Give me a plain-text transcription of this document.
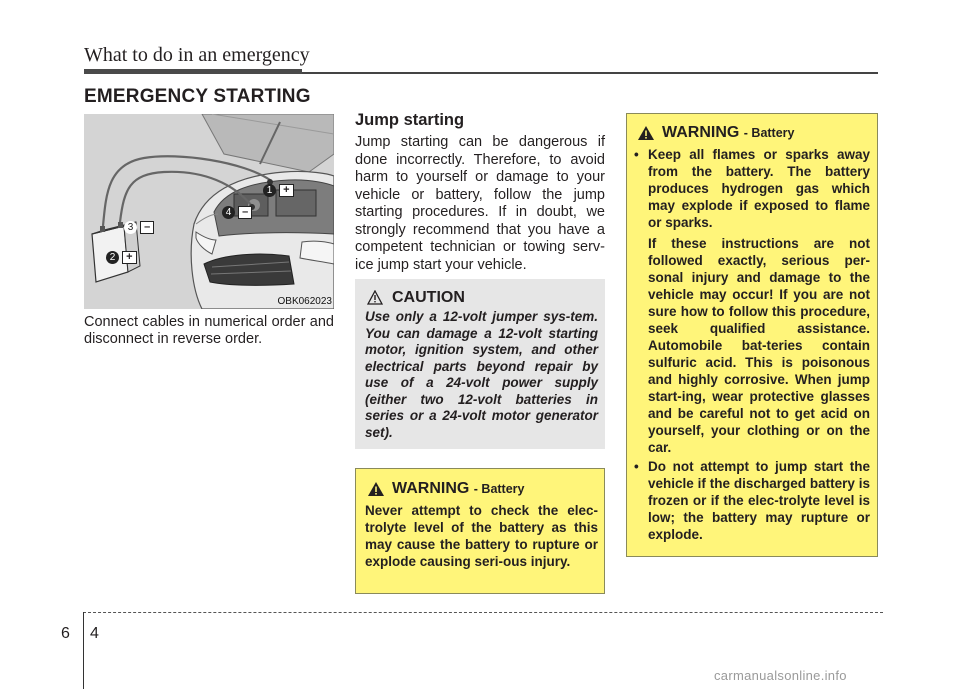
What to do in an emergency
EMERGENCY STARTING
1 +
2 +
3 –
4 –
OBK062023
Connect cables in numerical order and disconnect in reverse order.
Jump starting
Jump starting can be dangerous if done incorrectly. Therefore, to avoid harm to yourself or damage to your vehicle or battery, follow the jump starting procedures. If in doubt, we strongly recommend that you have a competent technician or towing serv-ice jump start your vehicle.
CAUTION
Use only a 12-volt jumper sys-tem. You can damage a 12-volt starting motor, ignition system, and other electrical parts beyond repair by use of a 24-volt power supply (either two 12-volt batteries in series or a 24-volt motor generator set).
WARNING - Battery
Never attempt to check the elec-trolyte level of the battery as this may cause the battery to rupture or explode causing seri-ous injury.
WARNING - Battery
• Keep all flames or sparks away from the battery. The battery produces hydrogen gas which may explode if exposed to flame or sparks.

If these instructions are not followed exactly, serious per-sonal injury and damage to the vehicle may occur! If you are not sure how to follow this procedure, seek qualified assistance. Automobile bat-teries contain sulfuric acid. This is poisonous and highly corrosive. When jump start-ing, wear protective glasses and be careful not to get acid on yourself, your clothing or on the car.

• Do not attempt to jump start the vehicle if the discharged battery is frozen or if the elec-trolyte level is low; the battery may rupture or explode.

6 4
carmanualsonline.info
